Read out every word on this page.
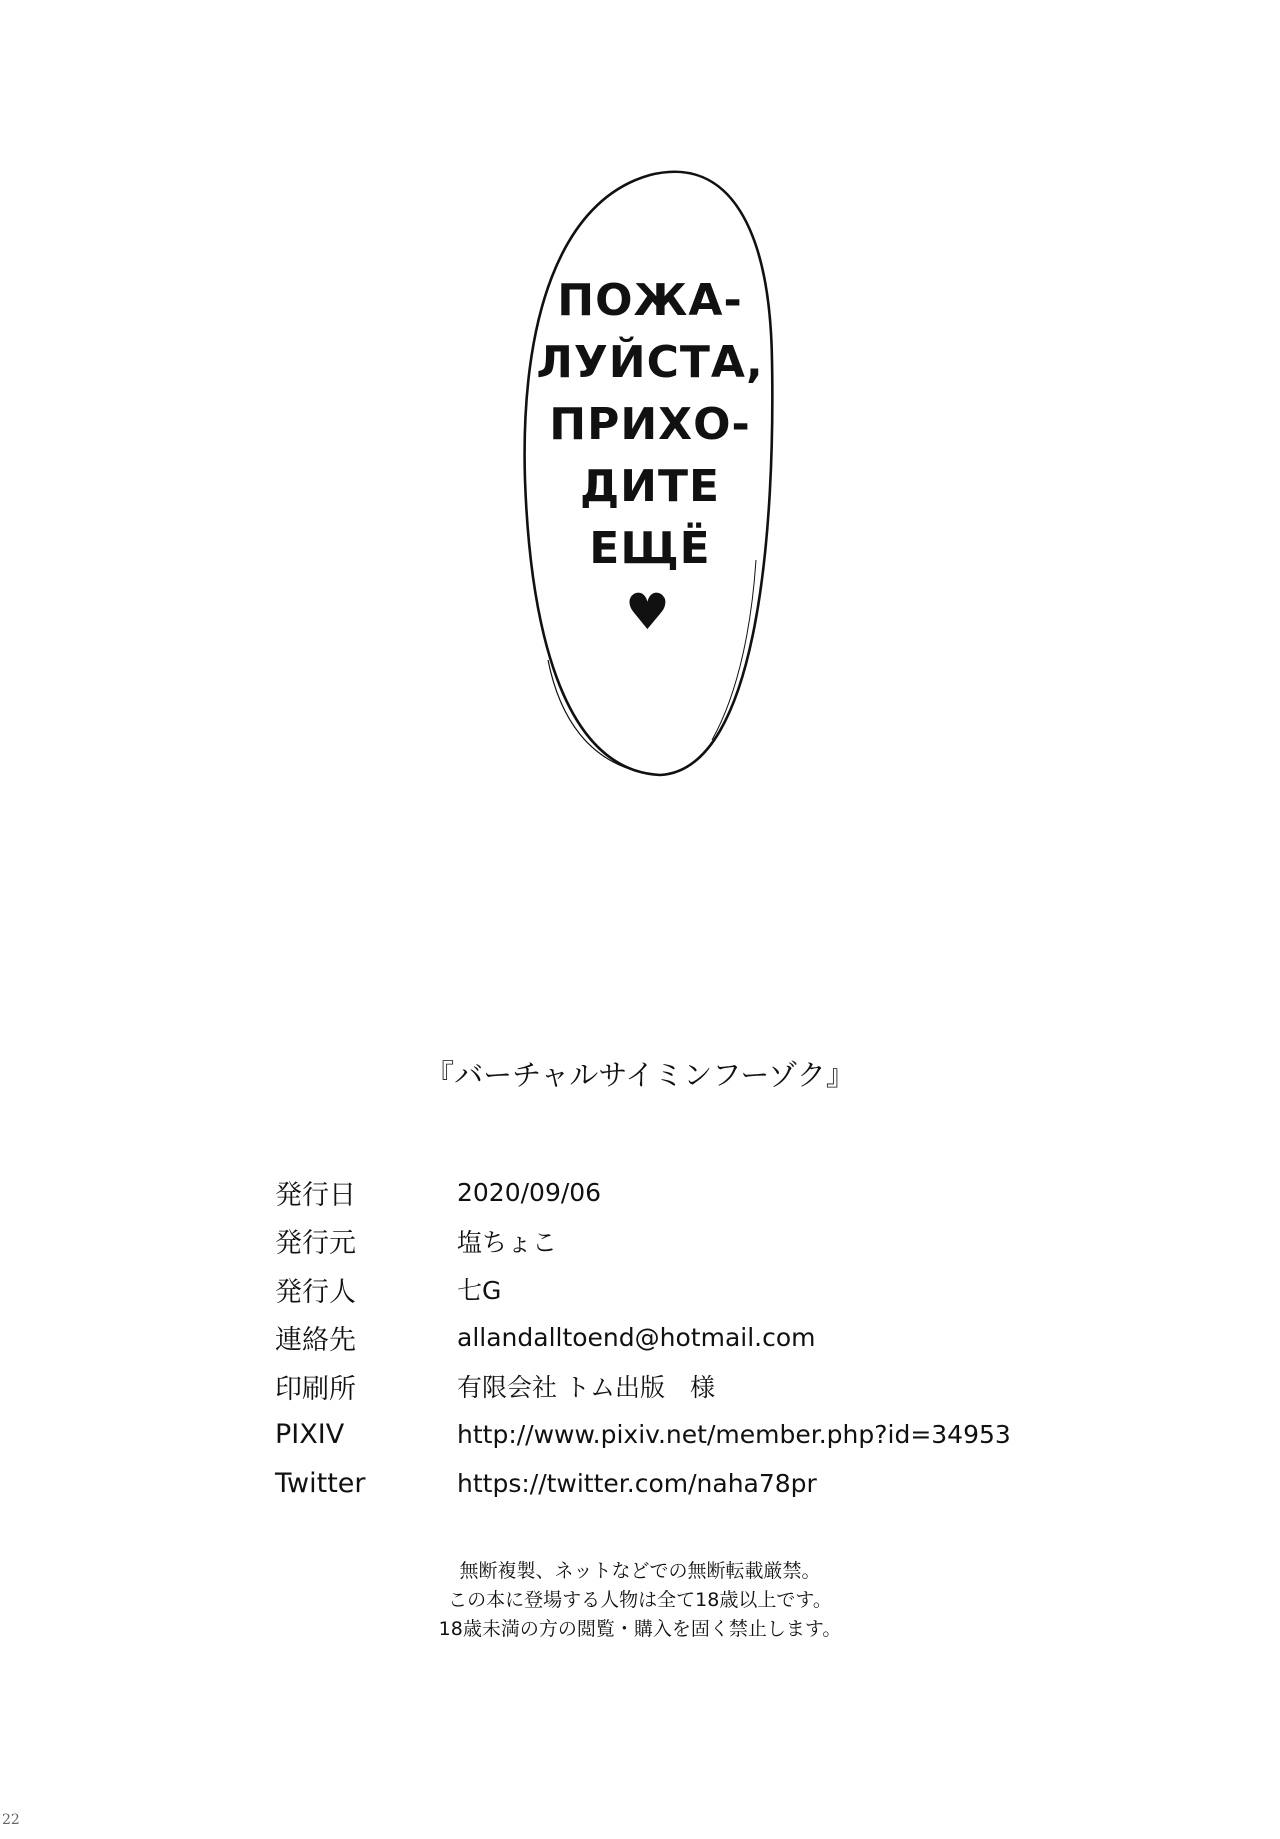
ПОЖА-
ЛУЙСТА,
ПРИХО-
ДИТЕ
ЕЩЁ
♥
『バーチャルサイミンフーゾク』
発行日	2020/09/06
発行元	塩ちょこ
発行人	七G
連絡先	allandalltoend@hotmail.com
印刷所	有限会社 トム出版　様
PIXIV	http://www.pixiv.net/member.php?id=34953
Twitter	https://twitter.com/naha78pr
無断複製、ネットなどでの無断転載厳禁。
この本に登場する人物は全て18歳以上です。
18歳未満の方の閲覧・購入を固く禁止します。
22
